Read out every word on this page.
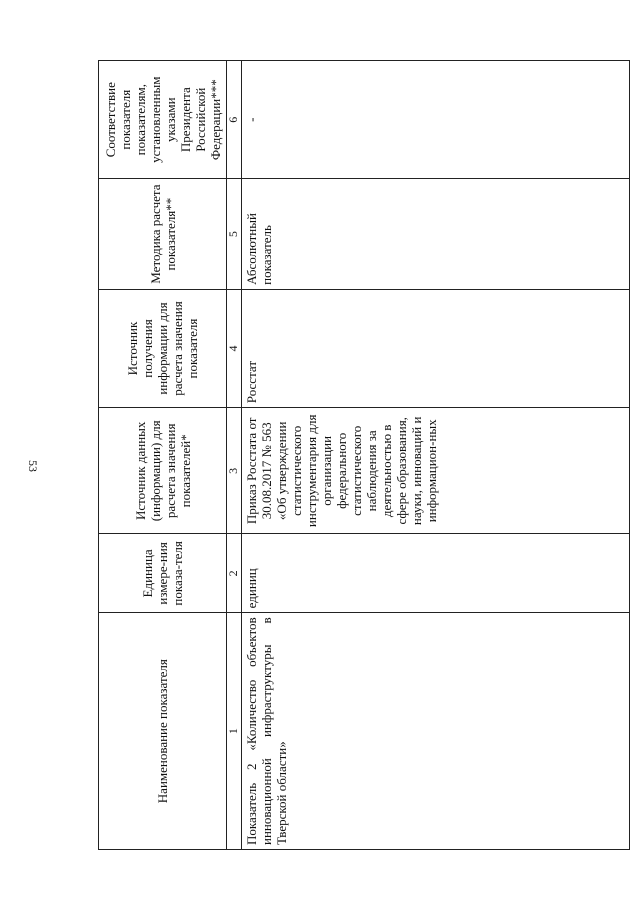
53
Наименование показателя	Единица измере-ния показа-теля	Источник данных (информации) для расчета значения показателей*	Источник получения информации для расчета значения показателя	Методика расчета показателя**	Соответствие показателя показателям, установленным указами Президента Российской Федерации***
1	2	3	4	5	6
Показатель 2 «Количество объектов инновационной инфраструктуры в Тверской области»	единиц	Приказ Росстата от 30.08.2017 № 563 «Об утверждении статистического инструментария для организации федерального статистического наблюдения за деятельностью в сфере образования, науки, инноваций и информацион-ных	Росстат	Абсолютный показатель	-
